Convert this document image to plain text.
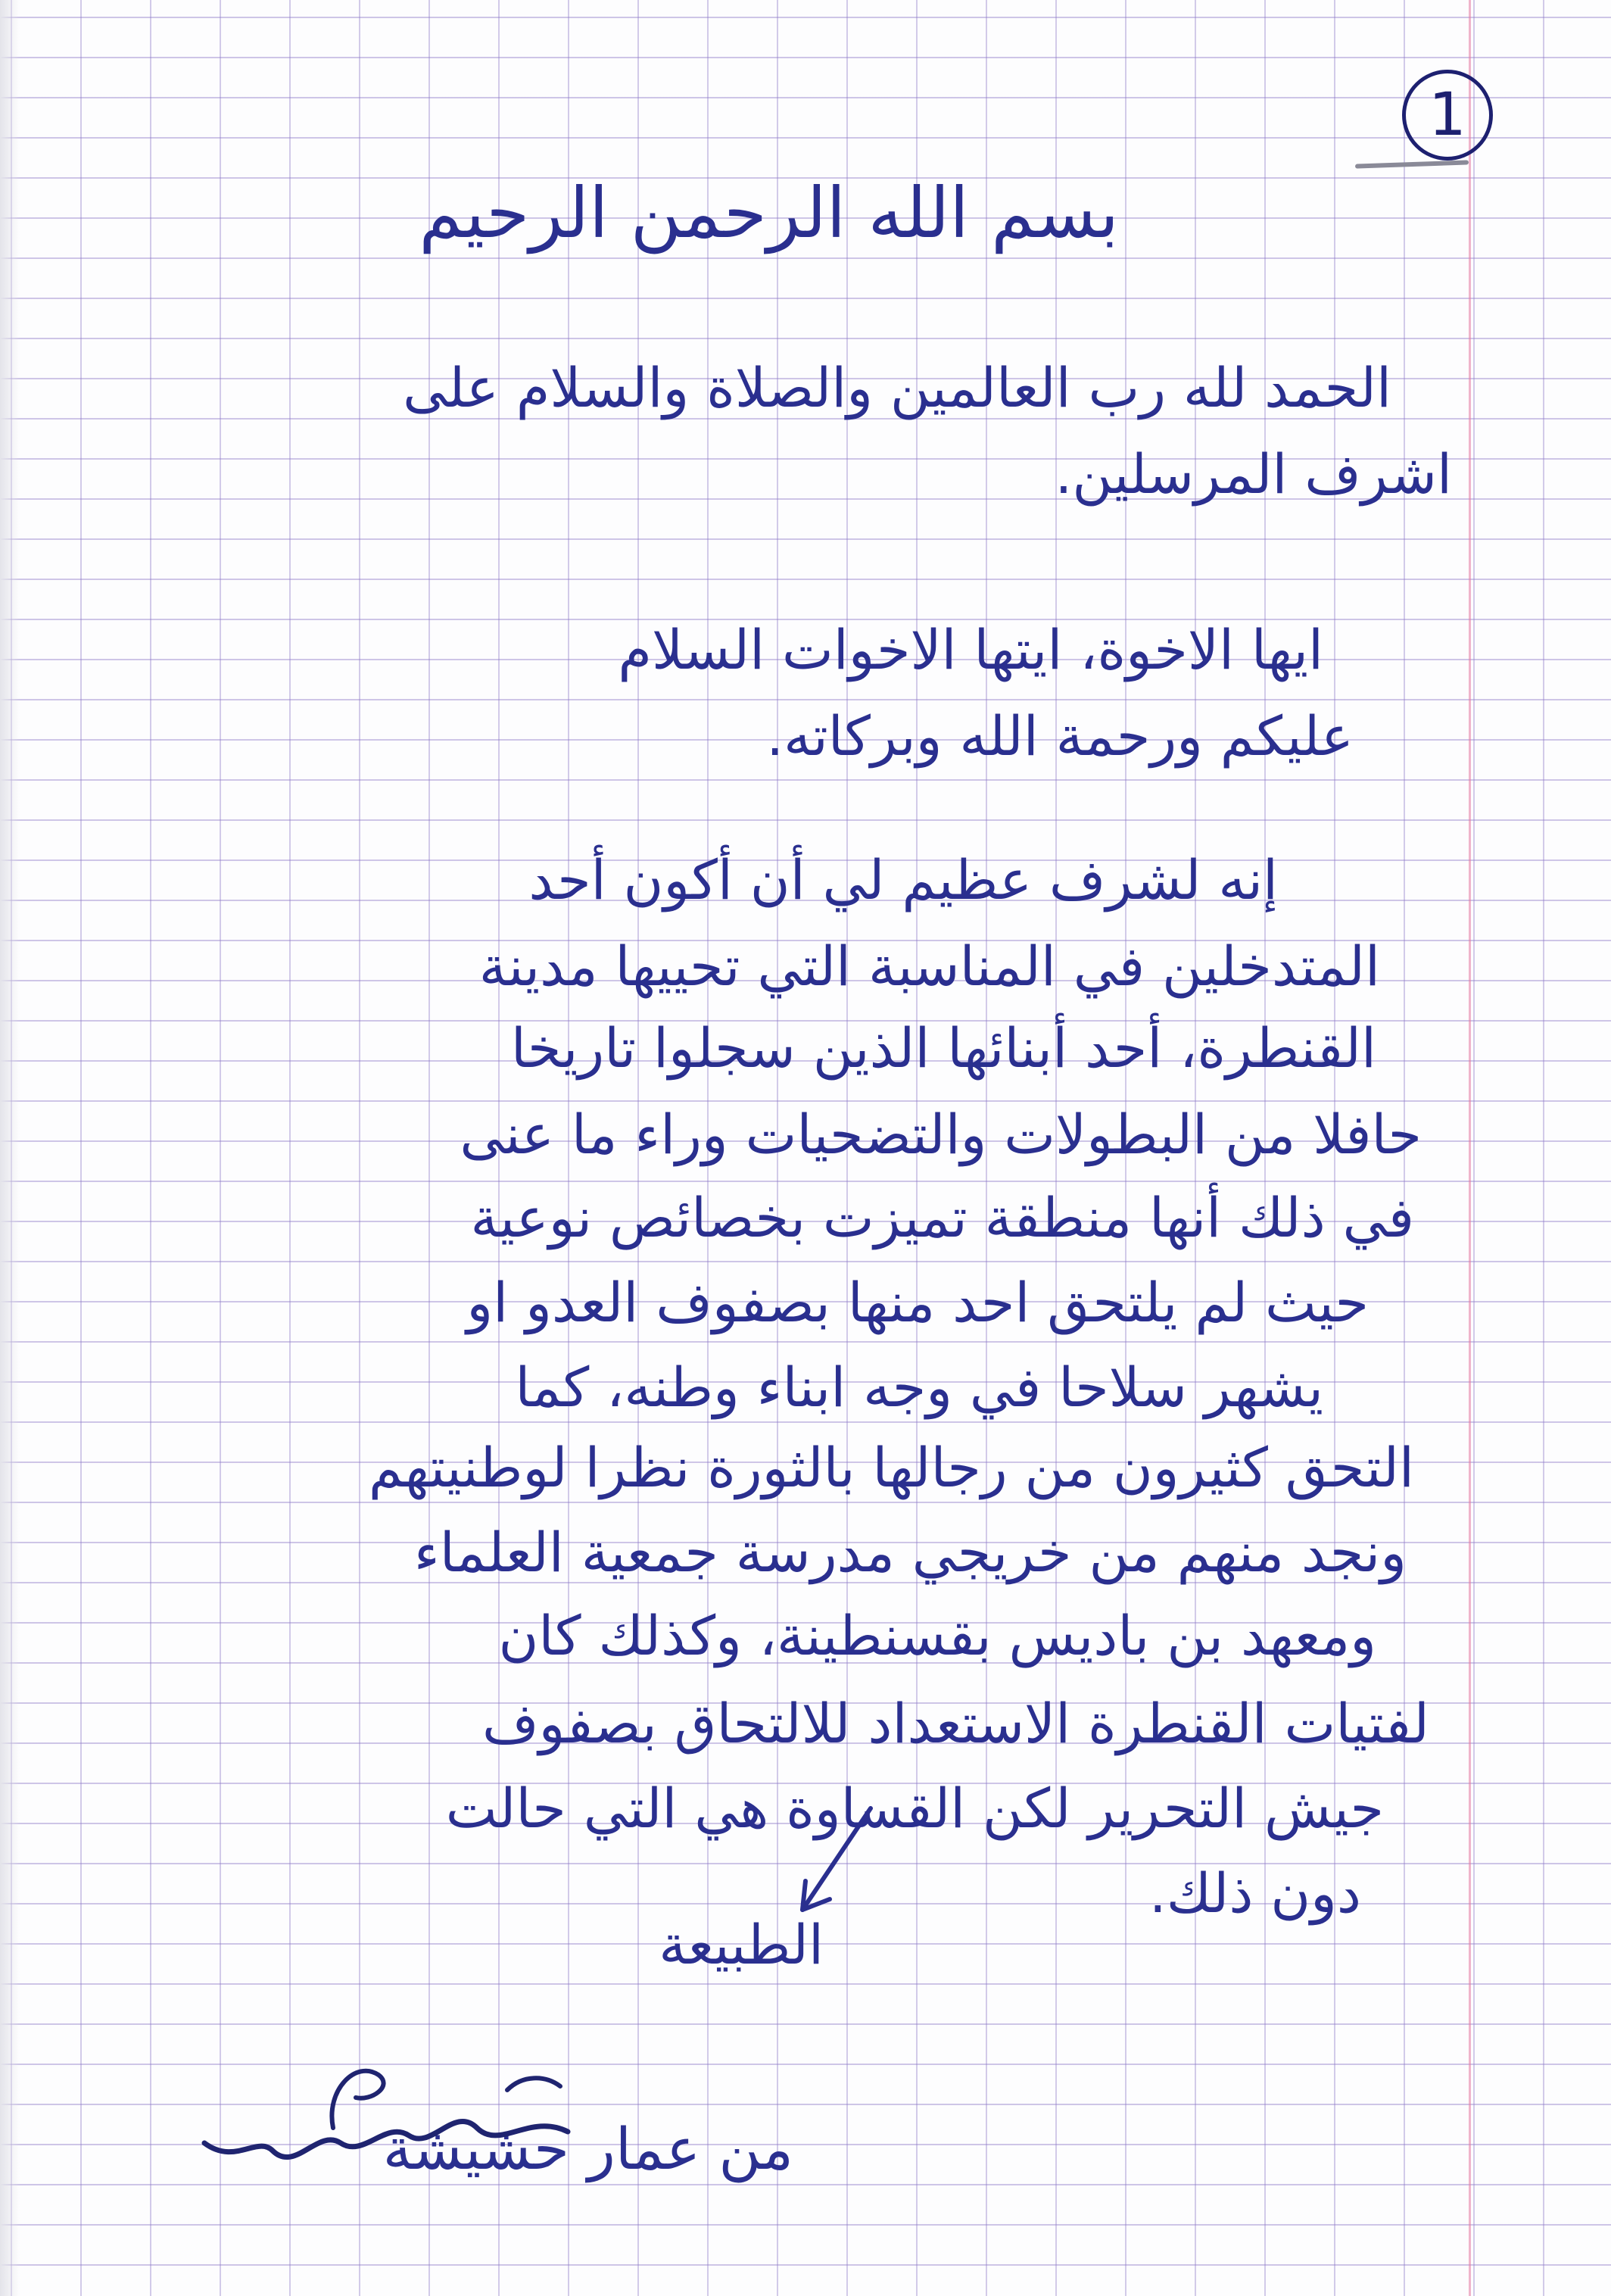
1
بسم الله الرحمن الرحيم
الحمد لله رب العالمين والصلاة والسلام على
اشرف المرسلين.
ايها الاخوة، ايتها الاخوات السلام
عليكم ورحمة الله وبركاته.
إنه لشرف عظيم لي أن أكون أحد
المتدخلين في المناسبة التي تحييها مدينة
القنطرة، أحد أبنائها الذين سجلوا تاريخا
حافلا من البطولات والتضحيات وراء ما عنى
في ذلك أنها منطقة تميزت بخصائص نوعية
حيث لم يلتحق احد منها بصفوف العدو او
يشهر سلاحا في وجه ابناء وطنه، كما
التحق كثيرون من رجالها بالثورة نظرا لوطنيتهم
ونجد منهم من خريجي مدرسة جمعية العلماء
ومعهد بن باديس بقسنطينة، وكذلك كان
لفتيات القنطرة الاستعداد للالتحاق بصفوف
جيش التحرير لكن القساوة هي التي حالت
دون ذلك.
الطبيعة
من عمار حشيشة
